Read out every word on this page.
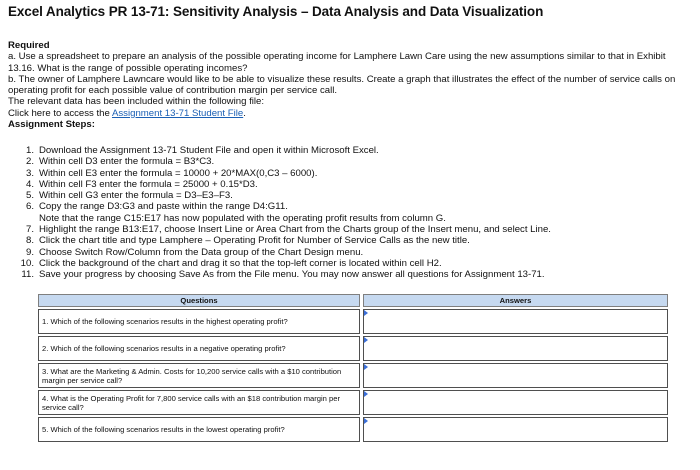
Excel Analytics PR 13-71: Sensitivity Analysis – Data Analysis and Data Visualization
Required
a. Use a spreadsheet to prepare an analysis of the possible operating income for Lamphere Lawn Care using the new assumptions similar to that in Exhibit 13.16. What is the range of possible operating incomes?
b. The owner of Lamphere Lawncare would like to be able to visualize these results. Create a graph that illustrates the effect of the number of service calls on operating profit for each possible value of contribution margin per service call.
The relevant data has been included within the following file:
Click here to access the Assignment 13-71 Student File.
Assignment Steps:
1. Download the Assignment 13-71 Student File and open it within Microsoft Excel.
2. Within cell D3 enter the formula = B3*C3.
3. Within cell E3 enter the formula = 10000 + 20*MAX(0,C3 – 6000).
4. Within cell F3 enter the formula = 25000 + 0.15*D3.
5. Within cell G3 enter the formula = D3–E3–F3.
6. Copy the range D3:G3 and paste within the range D4:G11.
Note that the range C15:E17 has now populated with the operating profit results from column G.
7. Highlight the range B13:E17, choose Insert Line or Area Chart from the Charts group of the Insert menu, and select Line.
8. Click the chart title and type Lamphere – Operating Profit for Number of Service Calls as the new title.
9. Choose Switch Row/Column from the Data group of the Chart Design menu.
10. Click the background of the chart and drag it so that the top-left corner is located within cell H2.
11. Save your progress by choosing Save As from the File menu. You may now answer all questions for Assignment 13-71.
Questions	Answers
1. Which of the following scenarios results in the highest operating profit?	

2. Which of the following scenarios results in a negative operating profit?	

3. What are the Marketing & Admin. Costs for 10,200 service calls with a $10 contribution margin per service call?	

4. What is the Operating Profit for 7,800 service calls with an $18 contribution margin per service call?	

5. Which of the following scenarios results in the lowest operating profit?	
